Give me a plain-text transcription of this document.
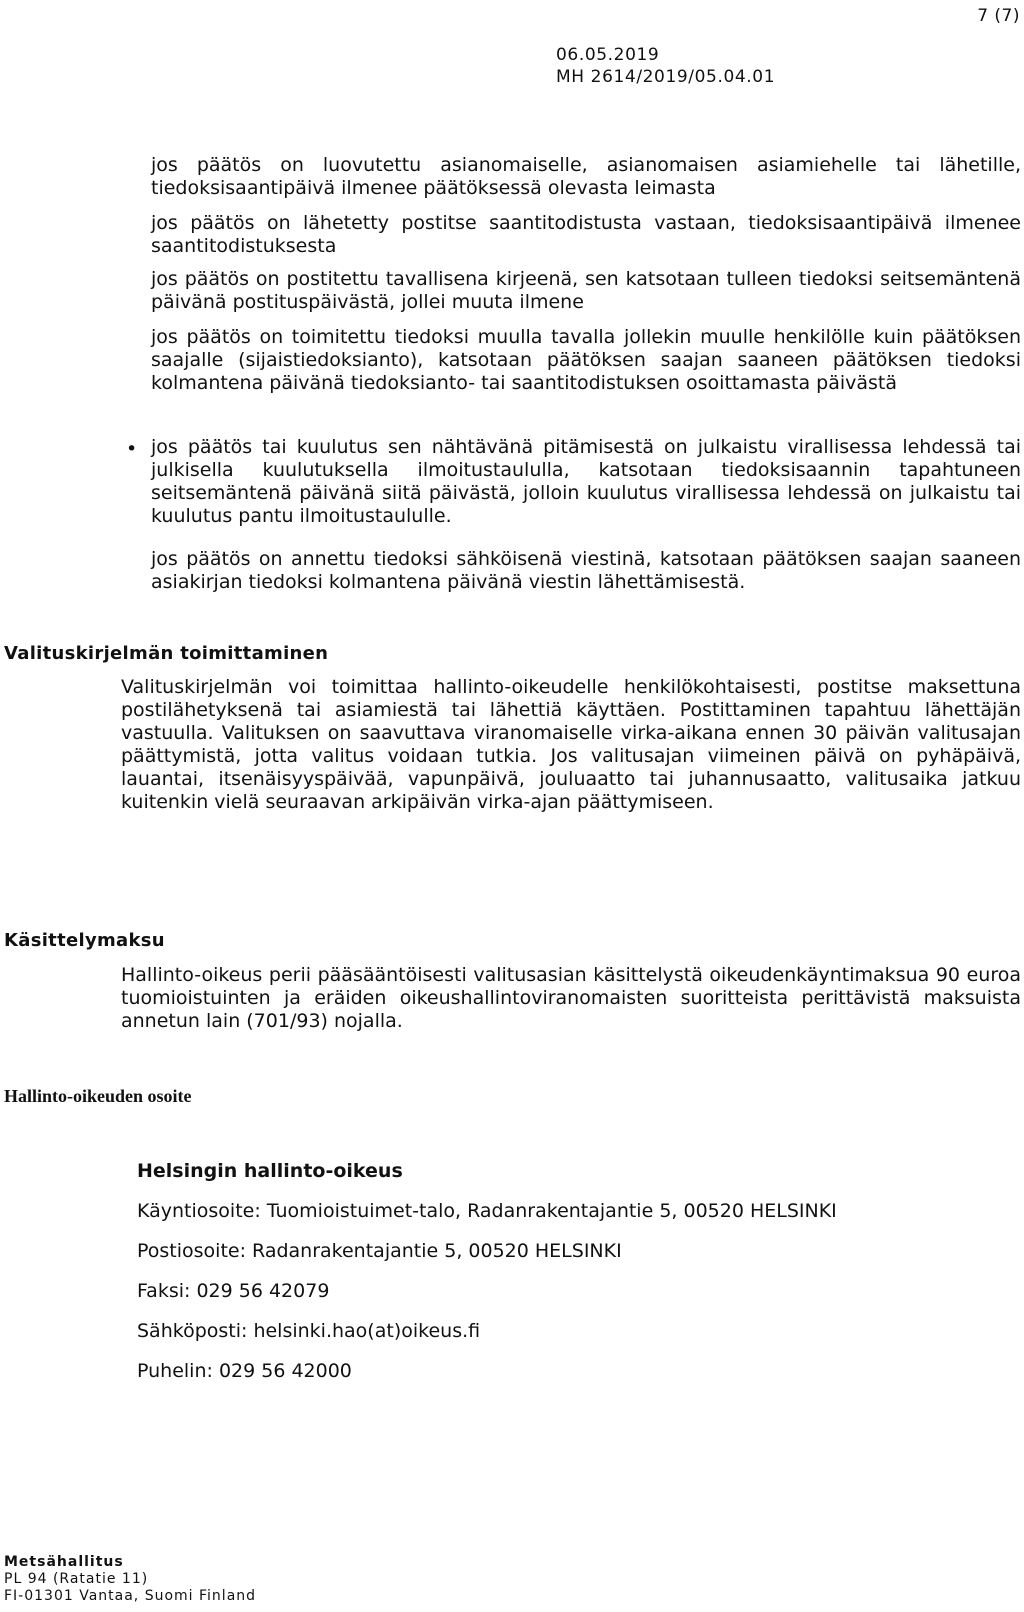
7 (7)
06.05.2019
MH 2614/2019/05.04.01

jos päätös on luovutettu asianomaiselle, asianomaisen asiamiehelle tai lähetille, tiedoksisaantipäivä ilmenee päätöksessä olevasta leimasta

jos päätös on lähetetty postitse saantitodistusta vastaan, tiedoksisaantipäivä ilmenee saantitodistuksesta

jos päätös on postitettu tavallisena kirjeenä, sen katsotaan tulleen tiedoksi seitsemäntenä päivänä postituspäivästä, jollei muuta ilmene

jos päätös on toimitettu tiedoksi muulla tavalla jollekin muulle henkilölle kuin päätöksen saajalle (sijaistiedoksianto), katsotaan päätöksen saajan saaneen päätöksen tiedoksi kolmantena päivänä tiedoksianto- tai saantitodistuksen osoittamasta päivästä

• jos päätös tai kuulutus sen nähtävänä pitämisestä on julkaistu virallisessa lehdessä tai julkisella kuulutuksella ilmoitustaululla, katsotaan tiedoksisaannin tapahtuneen seitsemäntenä päivänä siitä päivästä, jolloin kuulutus virallisessa lehdessä on julkaistu tai kuulutus pantu ilmoitustaululle.

jos päätös on annettu tiedoksi sähköisenä viestinä, katsotaan päätöksen saajan saaneen asiakirjan tiedoksi kolmantena päivänä viestin lähettämisestä.

Valituskirjelmän toimittaminen

Valituskirjelmän voi toimittaa hallinto-oikeudelle henkilökohtaisesti, postitse maksettuna postilähetyksenä tai asiamiestä tai lähettiä käyttäen. Postittaminen tapahtuu lähettäjän vastuulla. Valituksen on saavuttava viranomaiselle virka-aikana ennen 30 päivän valitusajan päättymistä, jotta valitus voidaan tutkia. Jos valitusajan viimeinen päivä on pyhäpäivä, lauantai, itsenäisyyspäivää, vapunpäivä, jouluaatto tai juhannusaatto, valitusaika jatkuu kuitenkin vielä seuraavan arkipäivän virka-ajan päättymiseen.

Käsittelymaksu

Hallinto-oikeus perii pääsääntöisesti valitusasian käsittelystä oikeudenkäyntimaksua 90 euroa tuomioistuinten ja eräiden oikeushallintoviranomaisten suoritteista perittävistä maksuista annetun lain (701/93) nojalla.

Hallinto-oikeuden osoite
Helsingin hallinto-oikeus
Käyntiosoite: Tuomioistuimet-talo, Radanrakentajantie 5, 00520 HELSINKI
Postiosoite: Radanrakentajantie 5, 00520 HELSINKI
Faksi: 029 56 42079
Sähköposti: helsinki.hao(at)oikeus.fi
Puhelin: 029 56 42000
Metsähallitus
PL 94 (Ratatie 11)
FI-01301 Vantaa, Suomi Finland
